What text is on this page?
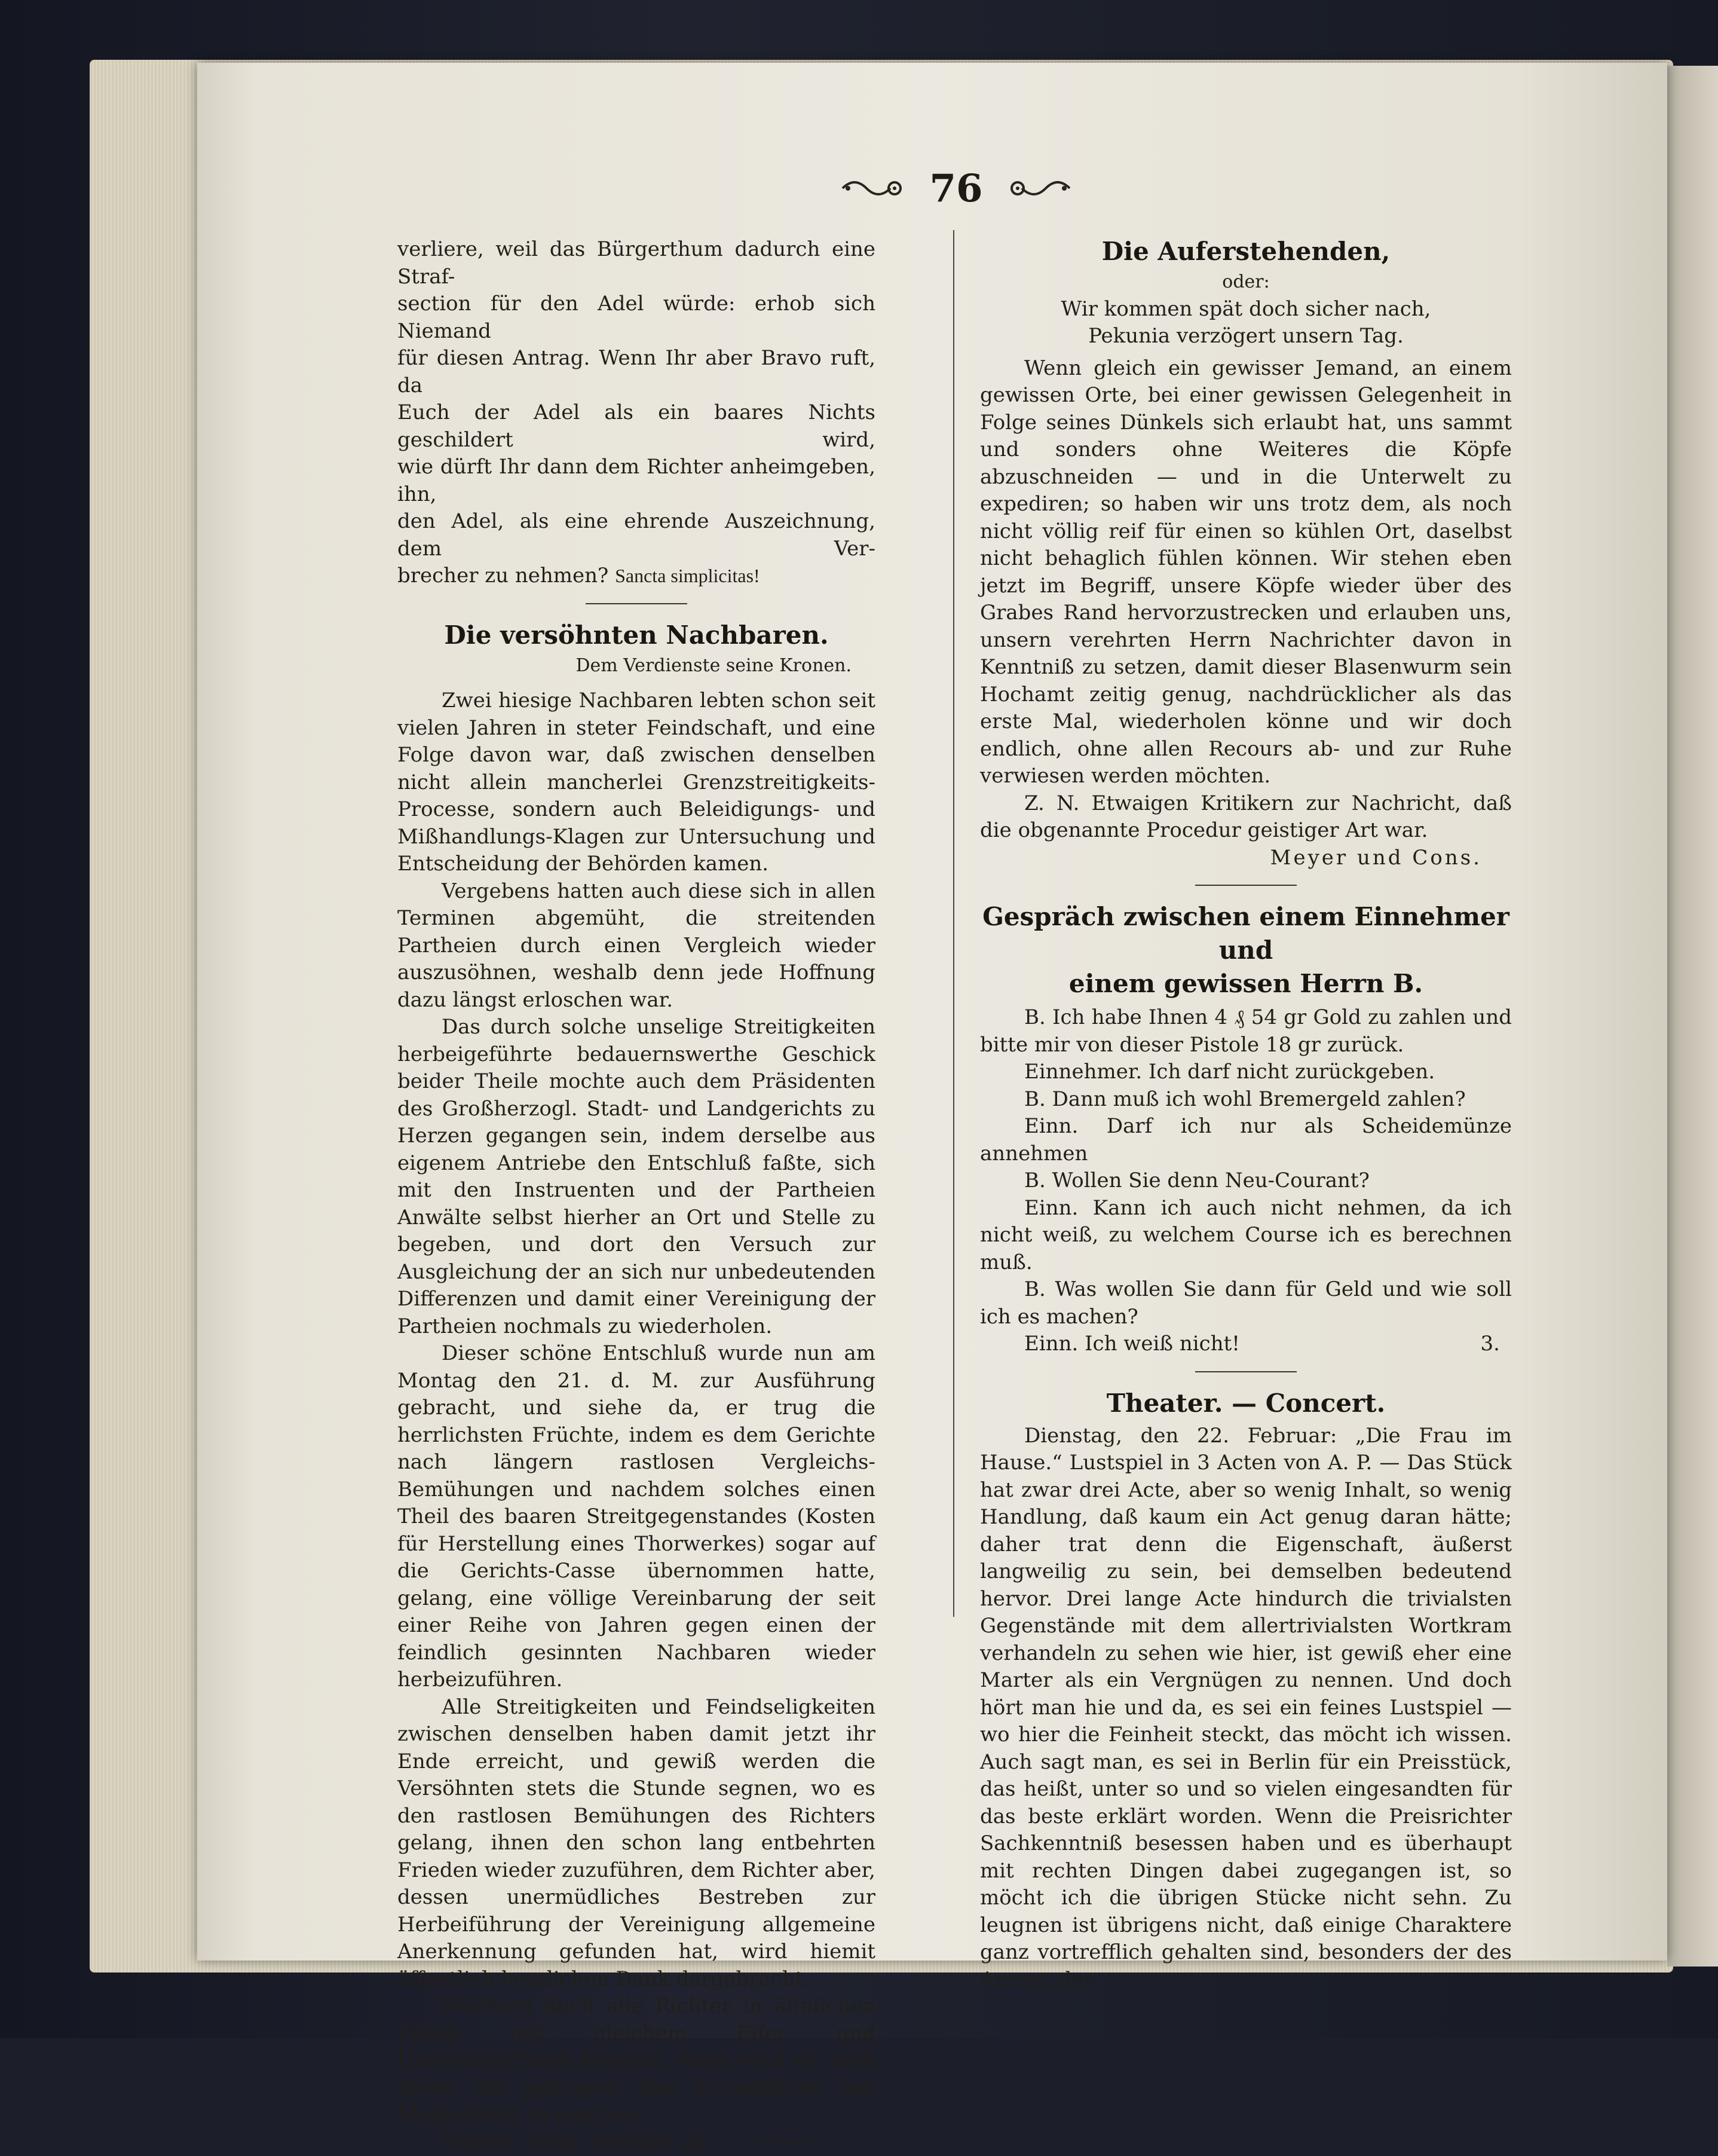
76
verliere, weil das Bürgerthum dadurch eine Straf-
section für den Adel würde: erhob sich Niemand
für diesen Antrag. Wenn Ihr aber Bravo ruft, da
Euch der Adel als ein baares Nichts geschildert wird,
wie dürft Ihr dann dem Richter anheimgeben, ihn,
den Adel, als eine ehrende Auszeichnung, dem Ver-
brecher zu nehmen? Sancta simplicitas!
Die versöhnten Nachbaren.

Dem Verdienste seine Kronen.

Zwei hiesige Nachbaren lebten schon seit vielen Jahren in steter Feindschaft, und eine Folge davon war, daß zwischen denselben nicht allein mancherlei Grenzstreitigkeits-Processe, sondern auch Beleidigungs- und Mißhandlungs-Klagen zur Untersuchung und Entscheidung der Behörden kamen.

Vergebens hatten auch diese sich in allen Terminen abgemüht, die streitenden Partheien durch einen Vergleich wieder auszusöhnen, weshalb denn jede Hoffnung dazu längst erloschen war.

Das durch solche unselige Streitigkeiten herbeigeführte bedauernswerthe Geschick beider Theile mochte auch dem Präsidenten des Großherzogl. Stadt- und Landgerichts zu Herzen gegangen sein, indem derselbe aus eigenem Antriebe den Entschluß faßte, sich mit den Instruenten und der Partheien Anwälte selbst hierher an Ort und Stelle zu begeben, und dort den Versuch zur Ausgleichung der an sich nur unbedeutenden Differenzen und damit einer Vereinigung der Partheien nochmals zu wiederholen.

Dieser schöne Entschluß wurde nun am Montag den 21. d. M. zur Ausführung gebracht, und siehe da, er trug die herrlichsten Früchte, indem es dem Gerichte nach längern rastlosen Vergleichs-Bemühungen und nachdem solches einen Theil des baaren Streitgegenstandes (Kosten für Herstellung eines Thorwerkes) sogar auf die Gerichts-Casse übernommen hatte, gelang, eine völlige Vereinbarung der seit einer Reihe von Jahren gegen einen der feindlich gesinnten Nachbaren wieder herbeizuführen.

Alle Streitigkeiten und Feindseligkeiten zwischen denselben haben damit jetzt ihr Ende erreicht, und gewiß werden die Versöhnten stets die Stunde segnen, wo es den rastlosen Bemühungen des Richters gelang, ihnen den schon lang entbehrten Frieden wieder zuzuführen, dem Richter aber, dessen unermüdliches Bestreben zur Herbeiführung der Vereinigung allgemeine Anerkennung gefunden hat, wird hiemit öffentlich herzlichen Dank dargebracht.

Möchten doch alle Richter in ähnlichen Fällen mit gleichem Eifer und Unermüdlichkeit handeln, dann wird es auch ihnen oft gelingen, das Unmögliche zur Möglichkeit zu machen.

Elsfleth 1848, Februar 24. —n—
Die Auferstehenden,

oder:

Wir kommen spät doch sicher nach,

Pekunia verzögert unsern Tag.

Wenn gleich ein gewisser Jemand, an einem gewissen Orte, bei einer gewissen Gelegenheit in Folge seines Dünkels sich erlaubt hat, uns sammt und sonders ohne Weiteres die Köpfe abzuschneiden — und in die Unterwelt zu expediren; so haben wir uns trotz dem, als noch nicht völlig reif für einen so kühlen Ort, daselbst nicht behaglich fühlen können. Wir stehen eben jetzt im Begriff, unsere Köpfe wieder über des Grabes Rand hervorzustrecken und erlauben uns, unsern verehrten Herrn Nachrichter davon in Kenntniß zu setzen, damit dieser Blasenwurm sein Hochamt zeitig genug, nachdrücklicher als das erste Mal, wiederholen könne und wir doch endlich, ohne allen Recours ab- und zur Ruhe verwiesen werden möchten.

Z. N. Etwaigen Kritikern zur Nachricht, daß die obgenannte Procedur geistiger Art war.

Meyer und Cons.

Gespräch zwischen einem Einnehmer und
einem gewissen Herrn B.

B. Ich habe Ihnen 4 ₰ 54 gr Gold zu zahlen und bitte mir von dieser Pistole 18 gr zurück.

Einnehmer. Ich darf nicht zurückgeben.

B. Dann muß ich wohl Bremergeld zahlen?

Einn. Darf ich nur als Scheidemünze annehmen

B. Wollen Sie denn Neu-Courant?

Einn. Kann ich auch nicht nehmen, da ich nicht weiß, zu welchem Course ich es berechnen muß.

B. Was wollen Sie dann für Geld und wie soll ich es machen?

Einn. Ich weiß nicht!	3.
Theater. — Concert.

Dienstag, den 22. Februar: „Die Frau im Hause.“ Lustspiel in 3 Acten von A. P. — Das Stück hat zwar drei Acte, aber so wenig Inhalt, so wenig Handlung, daß kaum ein Act genug daran hätte; daher trat denn die Eigenschaft, äußerst langweilig zu sein, bei demselben bedeutend hervor. Drei lange Acte hindurch die trivialsten Gegenstände mit dem allertrivialsten Wortkram verhandeln zu sehen wie hier, ist gewiß eher eine Marter als ein Vergnügen zu nennen. Und doch hört man hie und da, es sei ein feines Lustspiel — wo hier die Feinheit steckt, das möcht ich wissen. Auch sagt man, es sei in Berlin für ein Preisstück, das heißt, unter so und so vielen eingesandten für das beste erklärt worden. Wenn die Preisrichter Sachkenntniß besessen haben und es überhaupt mit rechten Dingen dabei zugegangen ist, so möcht ich die übrigen Stücke nicht sehn. Zu leugnen ist übrigens nicht, daß einige Charaktere ganz vortrefflich gehalten sind, besonders der des Arztes, den
